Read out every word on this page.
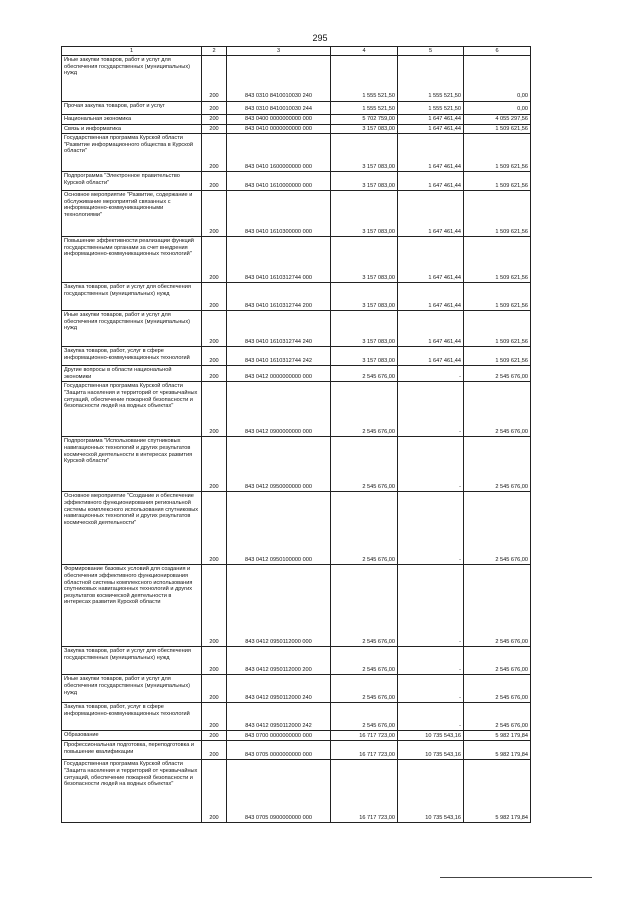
295
1	2	3	4	5	6
Иные закупки товаров, работ и услуг для обеспечения государственных (муниципальных) нужд	200	843 0310 8410010030 240	1 555 521,50	1 555 521,50	0,00
Прочая закупка товаров, работ и услуг	200	843 0310 8410010030 244	1 555 521,50	1 555 521,50	0,00
Национальная экономика	200	843 0400 0000000000 000	5 702 759,00	1 647 461,44	4 055 297,56
Связь и информатика	200	843 0410 0000000000 000	3 157 083,00	1 647 461,44	1 509 621,56
Государственная программа Курской области "Развитие информационного общества в Курской области"	200	843 0410 1600000000 000	3 157 083,00	1 647 461,44	1 509 621,56
Подпрограмма "Электронное правительство Курской области"	200	843 0410 1610000000 000	3 157 083,00	1 647 461,44	1 509 621,56
Основное мероприятие "Развитие, содержание и обслуживание мероприятий связанных с информационно-коммуникационными технологиями"	200	843 0410 1610300000 000	3 157 083,00	1 647 461,44	1 509 621,56
Повышение эффективности реализации функций государственными органами за счет внедрения информационно-коммуникационных технологий"	200	843 0410 1610312744 000	3 157 083,00	1 647 461,44	1 509 621,56
Закупка товаров, работ и услуг для обеспечения государственных (муниципальных) нужд	200	843 0410 1610312744 200	3 157 083,00	1 647 461,44	1 509 621,56
Иные закупки товаров, работ и услуг для обеспечения государственных (муниципальных) нужд	200	843 0410 1610312744 240	3 157 083,00	1 647 461,44	1 509 621,56
Закупка товаров, работ, услуг в сфере информационно-коммуникационных технологий	200	843 0410 1610312744 242	3 157 083,00	1 647 461,44	1 509 621,56
Другие вопросы в области национальной экономики	200	843 0412 0000000000 000	2 545 676,00	-	2 545 676,00
Государственная программа Курской области "Защита населения и территорий от чрезвычайных ситуаций, обеспечение пожарной безопасности и безопасности людей на водных объектах"	200	843 0412 0900000000 000	2 545 676,00	-	2 545 676,00
Подпрограмма "Использование спутниковых навигационных технологий и других результатов космической деятельности в интересах развития Курской области"	200	843 0412 0950000000 000	2 545 676,00	-	2 545 676,00
Основное мероприятие "Создание и обеспечение эффективного функционирования региональной системы комплексного использования спутниковых навигационных технологий и других результатов космической деятельности"	200	843 0412 0950100000 000	2 545 676,00	-	2 545 676,00
Формирование базовых условий для создания и обеспечения эффективного функционирования областной системы комплексного использования спутниковых навигационных технологий и других результатов космической деятельности в интересах развития Курской области	200	843 0412 0950112000 000	2 545 676,00	-	2 545 676,00
Закупка товаров, работ и услуг для обеспечения государственных (муниципальных) нужд	200	843 0412 0950112000 200	2 545 676,00	-	2 545 676,00
Иные закупки товаров, работ и услуг для обеспечения государственных (муниципальных) нужд	200	843 0412 0950112000 240	2 545 676,00	-	2 545 676,00
Закупка товаров, работ, услуг в сфере информационно-коммуникационных технологий	200	843 0412 0950112000 242	2 545 676,00	-	2 545 676,00
Образование	200	843 0700 0000000000 000	16 717 723,00	10 735 543,16	5 982 179,84
Профессиональная подготовка, переподготовка и повышение квалификации	200	843 0705 0000000000 000	16 717 723,00	10 735 543,16	5 982 179,84
Государственная программа Курской области "Защита населения и территорий от чрезвычайных ситуаций, обеспечение пожарной безопасности и безопасности людей на водных объектах"	200	843 0705 0900000000 000	16 717 723,00	10 735 543,16	5 982 179,84
